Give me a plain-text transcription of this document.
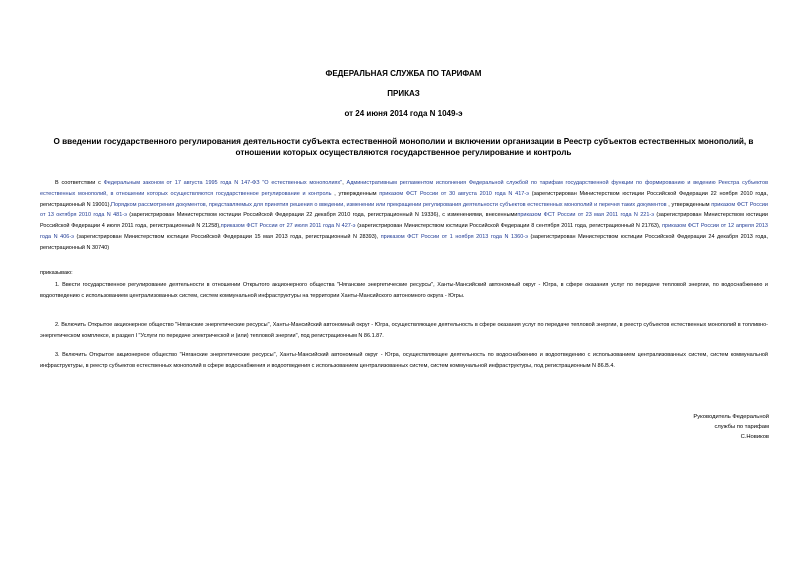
ФЕДЕРАЛЬНАЯ СЛУЖБА ПО ТАРИФАМ
ПРИКАЗ
от 24 июня 2014 года N 1049-э
О введении государственного регулирования деятельности субъекта естественной монополии и включении организации в Реестр субъектов естественных монополий, в отношении которых осуществляются государственное регулирование и контроль
В соответствии с Федеральным законом от 17 августа 1995 года N 147-ФЗ "О естественных монополиях", Административным регламентом исполнения Федеральной службой по тарифам государственной функции по формированию и ведению Реестра субъектов естественных монополий, в отношении которых осуществляются государственное регулирование и контроль , утвержденным приказом ФСТ России от 30 августа 2010 года N 417-э (зарегистрирован Министерством юстиции Российской Федерации 22 ноября 2010 года, регистрационный N 19001),Порядком рассмотрения документов, представляемых для принятия решения о введении, изменении или прекращении регулирования деятельности субъектов естественных монополий и перечня таких документов , утвержденным приказом ФСТ России от 13 октября 2010 года N 481-э (зарегистрирован Министерством юстиции Российской Федерации 22 декабря 2010 года, регистрационный N 19336), с изменениями, внесеннымиприказом ФСТ России от 23 мая 2011 года N 221-э (зарегистрирован Министерством юстиции Российской Федерации 4 июля 2011 года, регистрационный N 21258),приказом ФСТ России от 27 июля 2011 года N 427-э (зарегистрирован Министерством юстиции Российской Федерации 8 сентября 2011 года, регистрационный N 21763), приказом ФСТ России от 12 апреля 2013 года N 406-э (зарегистрирован Министерством юстиции Российской Федерации 15 мая 2013 года, регистрационный N 28393), приказом ФСТ России от 1 ноября 2013 года N 1360-э (зарегистрирован Министерством юстиции Российской Федерации 24 декабря 2013 года, регистрационный N 30740)
приказываю:
1. Ввести государственное регулирование деятельности в отношении Открытого акционерного общества "Няганские энергетические ресурсы", Ханты-Мансийский автономный округ - Югра, в сфере оказания услуг по передаче тепловой энергии, по водоснабжению и водоотведению с использованием централизованных систем, систем коммунальной инфраструктуры на территории Ханты-Мансийского автономного округа - Югры.
2. Включить Открытое акционерное общество "Няганские энергетические ресурсы", Ханты-Мансийский автономный округ - Югра, осуществляющее деятельность в сфере оказания услуг по передаче тепловой энергии, в реестр субъектов естественных монополий в топливно-энергетическом комплексе, в раздел I "Услуги по передаче электрической и (или) тепловой энергии", под регистрационным N 86.1.87.
3. Включить Открытое акционерное общество "Няганские энергетические ресурсы", Ханты-Мансийский автономный округ - Югра, осуществляющее деятельность по водоснабжению и водоотведению с использованием централизованных систем, систем коммунальной инфраструктуры, в реестр субъектов естественных монополий в сфере водоснабжения и водоотведения с использованием централизованных систем, систем коммунальной инфраструктуры, под регистрационным N 86.В.4.
Руководитель Федеральной
службы по тарифам
С.Новиков
